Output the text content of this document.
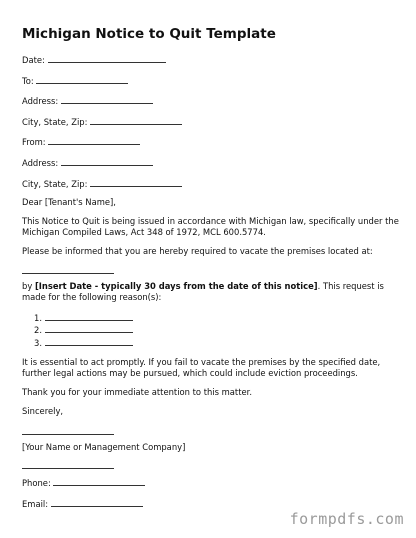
Michigan Notice to Quit Template
Date:
To:
Address:
City, State, Zip:
From:
Address:
City, State, Zip:
Dear [Tenant's Name],
This Notice to Quit is being issued in accordance with Michigan law, specifically under the Michigan Compiled Laws, Act 348 of 1972, MCL 600.5774.
Please be informed that you are hereby required to vacate the premises located at:
by [Insert Date - typically 30 days from the date of this notice]. This request is made for the following reason(s):
1.
2.
3.
It is essential to act promptly. If you fail to vacate the premises by the specified date, further legal actions may be pursued, which could include eviction proceedings.
Thank you for your immediate attention to this matter.
Sincerely,
[Your Name or Management Company]
Phone:
Email:
formpdfs.com
